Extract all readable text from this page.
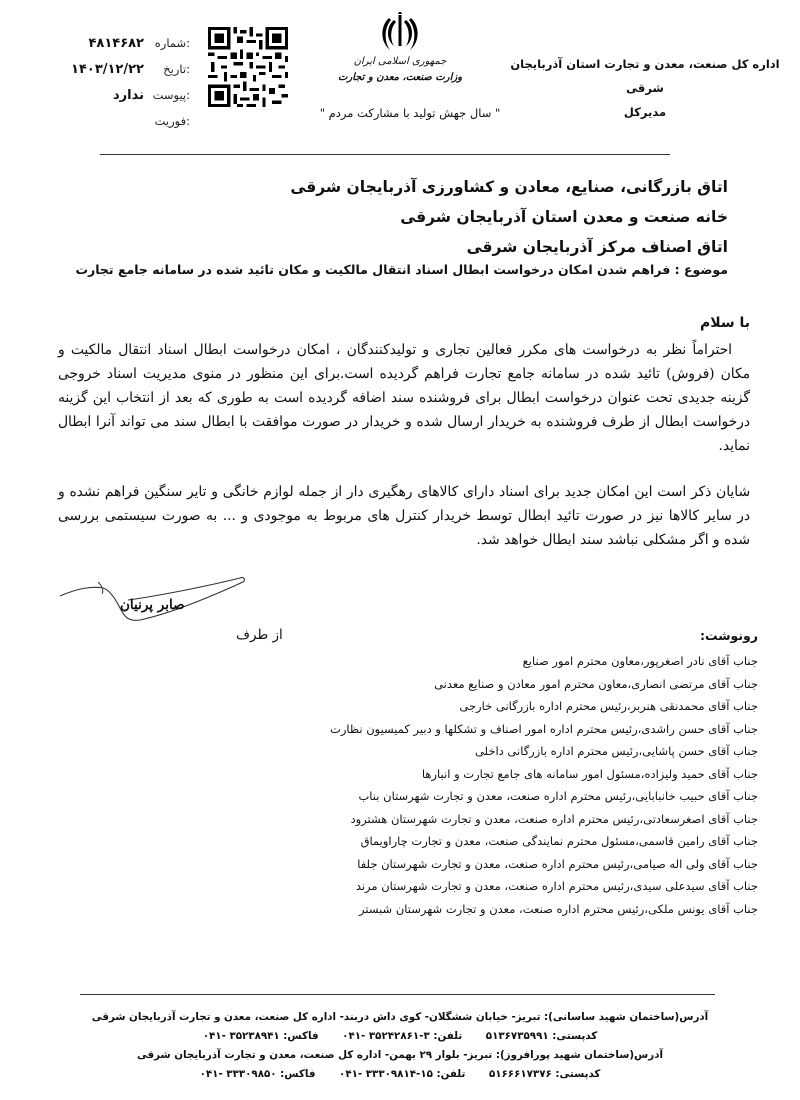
اداره کل صنعت، معدن و تجارت استان آذربایجان شرقی
مدیرکل
جمهوری اسلامی ایران
وزارت صنعت، معدن و تجارت
" سال جهش تولید با مشارکت مردم "
شماره:
۴۸۱۴۶۸۲
تاریخ:
۱۴۰۳/۱۲/۲۲
پیوست:
ندارد
فوریت:
اتاق بازرگانی، صنایع، معادن و کشاورزی آذربایجان شرقی
خانه صنعت و معدن استان آذربایجان شرقی
اتاق اصناف مرکز آذربایجان شرقی
موضوع : فراهم شدن امکان درخواست ابطال اسناد انتقال مالکیت و مکان تائید شده در سامانه جامع تجارت
با سلام
احتراماً نظر به درخواست های مکرر فعالین تجاری و تولیدکنندگان ، امکان درخواست ابطال اسناد انتقال مالکیت و مکان (فروش) تائید شده در سامانه جامع تجارت فراهم گردیده است.برای این منظور در منوی مدیریت اسناد خروجی گزینه جدیدی تحت عنوان درخواست ابطال برای فروشنده سند اضافه گردیده است به طوری که بعد از انتخاب این گزینه درخواست ابطال از طرف فروشنده به خریدار ارسال شده و خریدار در صورت موافقت با ابطال سند می تواند آنرا ابطال نماید.
شایان ذکر است این امکان جدید برای اسناد دارای کالاهای رهگیری دار از جمله لوازم خانگی و تایر سنگین فراهم نشده و در سایر کالاها نیز در صورت تائید ابطال توسط خریدار کنترل های مربوط به موجودی و ... به صورت سیستمی بررسی شده و اگر مشکلی نباشد سند ابطال خواهد شد.
صابر پرنیان
از طرف	رونوشت:
جناب آقای نادر اصغرپور،معاون محترم امور صنایع
جناب آقای مرتضی انصاری،معاون محترم امور معادن و صنایع معدنی
جناب آقای محمدنقی هنربر،رئیس محترم اداره بازرگانی خارجی
جناب آقای حسن راشدی،رئیس محترم اداره امور اصناف و تشکلها و دبیر کمیسیون نظارت
جناب آقای حسن پاشایی،رئیس محترم اداره بازرگانی داخلی
جناب آقای حمید ولیزاده،مسئول امور سامانه های جامع تجارت و انبارها
جناب آقای حبیب خانبابایی،رئیس محترم اداره صنعت، معدن و تجارت شهرستان بناب
جناب آقای اصغرسعادتی،رئیس محترم اداره صنعت، معدن و تجارت شهرستان هشترود
جناب آقای رامین قاسمی،مسئول محترم نمایندگی صنعت، معدن و تجارت چاراویماق
جناب آقای ولی اله صیامی،رئیس محترم اداره صنعت، معدن و تجارت شهرستان جلفا
جناب آقای سیدعلی سیدی،رئیس محترم اداره صنعت، معدن و تجارت شهرستان مرند
جناب آقای یونس ملکی،رئیس محترم اداره صنعت، معدن و تجارت شهرستان شبستر
آدرس(ساختمان شهید ساسانی): تبریز- خیابان ششگلان- کوی داش دربند- اداره کل صنعت، معدن و تجارت آذربایجان شرقی
کدپستی: ۵۱۳۶۷۳۵۹۹۱ تلفن: ۳-۳۵۲۴۲۸۶۱ -۰۴۱ فاکس: ۳۵۲۳۸۹۴۱ -۰۴۱
آدرس(ساختمان شهید پورافروز): تبریز- بلوار ۲۹ بهمن- اداره کل صنعت، معدن و تجارت آذربایجان شرقی
کدپستی: ۵۱۶۶۶۱۷۳۷۶ تلفن: ۱۵-۳۳۳۰۹۸۱۴ -۰۴۱ فاکس: ۳۳۳۰۹۸۵۰ -۰۴۱
